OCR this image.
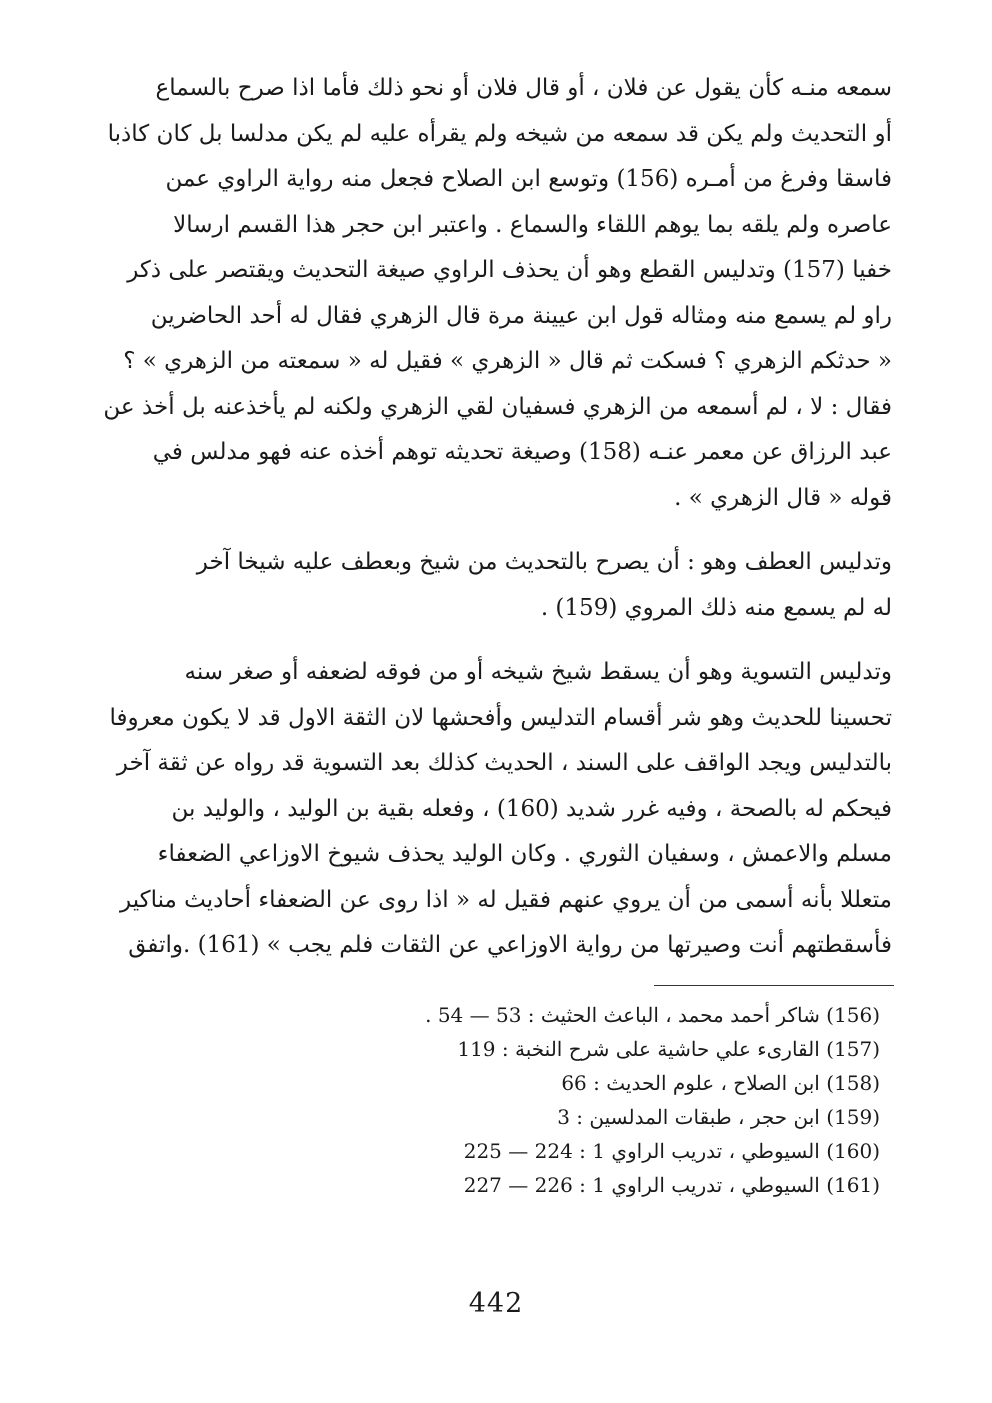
سمعه منـه كأن يقول عن فلان ، أو قال فلان أو نحو ذلك فأما اذا صرح بالسماع
أو التحديث ولم يكن قد سمعه من شيخه ولم يقرأه عليه لم يكن مدلسا بل كان كاذبا
فاسقا وفرغ من أمـره (156) وتوسع ابن الصلاح فجعل منه رواية الراوي عمن
عاصره ولم يلقه بما يوهم اللقاء والسماع . واعتبر ابن حجر هذا القسم ارسالا
خفيا (157) وتدليس القطع وهو أن يحذف الراوي صيغة التحديث ويقتصر على ذكر
راو لم يسمع منه ومثاله قول ابن عيينة مرة قال الزهري فقال له أحد الحاضرين
« حدثكم الزهري ؟ فسكت ثم قال « الزهري » فقيل له « سمعته من الزهري » ؟
فقال : لا ، لم أسمعه من الزهري فسفيان لقي الزهري ولكنه لم يأخذعنه بل أخذ عن
عبد الرزاق عن معمر عنـه (158) وصيغة تحديثه توهم أخذه عنه فهو مدلس في
قوله « قال الزهري » .
وتدليس العطف وهو : أن يصرح بالتحديث من شيخ وبعطف عليه شيخا آخر
له لم يسمع منه ذلك المروي (159) .
وتدليس التسوية وهو أن يسقط شيخ شيخه أو من فوقه لضعفه أو صغر سنه
تحسينا للحديث وهو شر أقسام التدليس وأفحشها لان الثقة الاول قد لا يكون معروفا
بالتدليس ويجد الواقف على السند ، الحديث كذلك بعد التسوية قد رواه عن ثقة آخر
فيحكم له بالصحة ، وفيه غرر شديد (160) ، وفعله بقية بن الوليد ، والوليد بن
مسلم والاعمش ، وسفيان الثوري . وكان الوليد يحذف شيوخ الاوزاعي الضعفاء
متعللا بأنه أسمى من أن يروي عنهم فقيل له « اذا روى عن الضعفاء أحاديث مناكير
فأسقطتهم أنت وصيرتها من رواية الاوزاعي عن الثقات فلم يجب » (161) .واتفق
(156) شاكر أحمد محمد ، الباعث الحثيث : 53 — 54 .
(157) القارىء علي حاشية على شرح النخبة : 119
(158) ابن الصلاح ، علوم الحديث : 66
(159) ابن حجر ، طبقات المدلسين : 3
(160) السيوطي ، تدريب الراوي 1 : 224 — 225
(161) السيوطي ، تدريب الراوي 1 : 226 — 227
442
